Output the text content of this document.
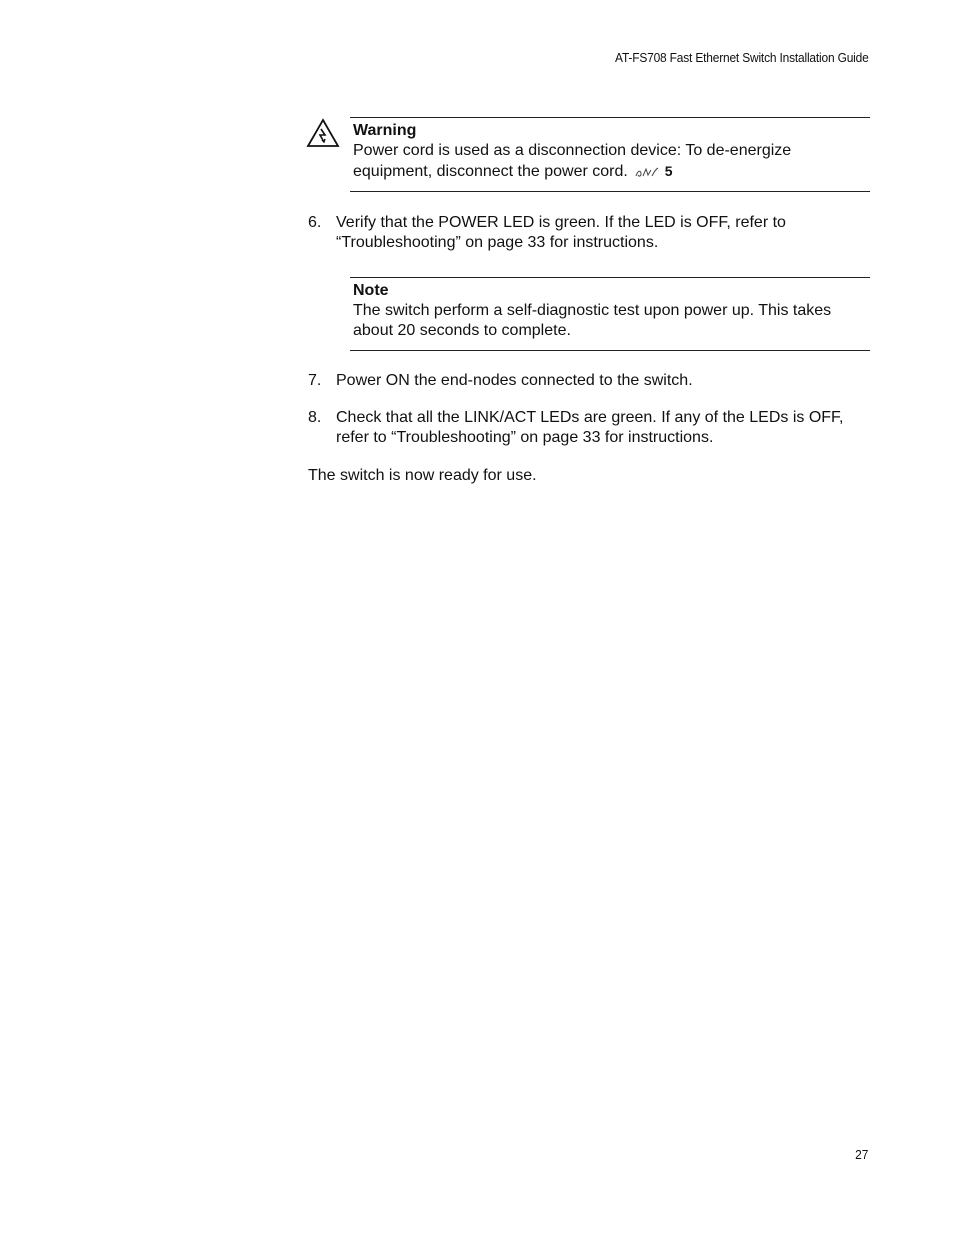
AT-FS708 Fast Ethernet Switch Installation Guide
Warning
Power cord is used as a disconnection device: To de-energize equipment, disconnect the power cord.	5
6. Verify that the POWER LED is green. If the LED is OFF, refer to “Troubleshooting” on page 33 for instructions.
Note
The switch perform a self-diagnostic test upon power up. This takes about 20 seconds to complete.
7. Power ON the end-nodes connected to the switch.
8. Check that all the LINK/ACT LEDs are green. If any of the LEDs is OFF, refer to “Troubleshooting” on page 33 for instructions.

The switch is now ready for use.

27
